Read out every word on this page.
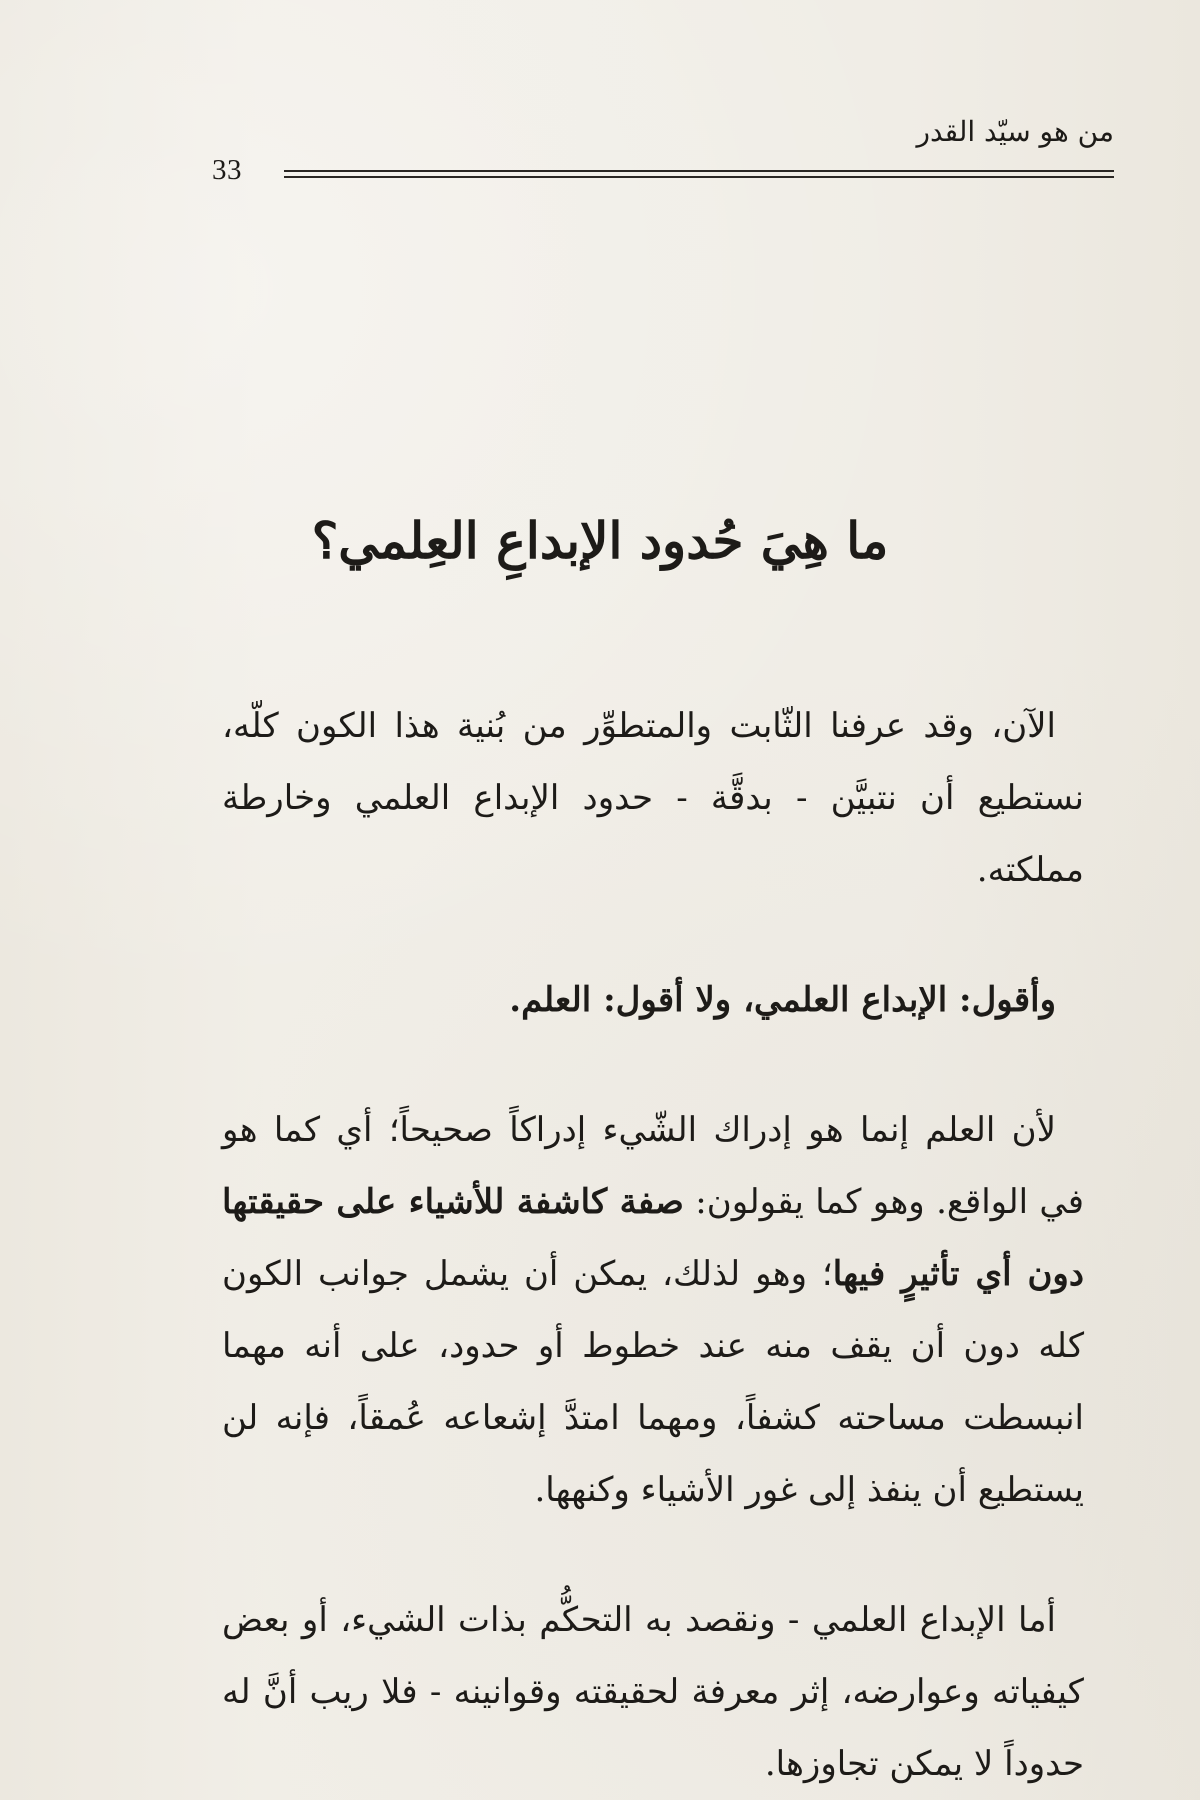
من هو سيّد القدر
33
ما هِيَ حُدود الإبداعِ العِلمي؟

الآن، وقد عرفنا الثّابت والمتطوِّر من بُنية هذا الكون كلّه، نستطيع أن نتبيَّن - بدقَّة - حدود الإبداع العلمي وخارطة مملكته.

وأقول: الإبداع العلمي، ولا أقول: العلم.

لأن العلم إنما هو إدراك الشّيء إدراكاً صحيحاً؛ أي كما هو في الواقع. وهو كما يقولون: صفة كاشفة للأشياء على حقيقتها دون أي تأثيرٍ فيها؛ وهو لذلك، يمكن أن يشمل جوانب الكون كله دون أن يقف منه عند خطوط أو حدود، على أنه مهما انبسطت مساحته كشفاً، ومهما امتدَّ إشعاعه عُمقاً، فإنه لن يستطيع أن ينفذ إلى غور الأشياء وكنهها.

أما الإبداع العلمي - ونقصد به التحكُّم بذات الشيء، أو بعض كيفياته وعوارضه، إثر معرفة لحقيقته وقوانينه - فلا ريب أنَّ له حدوداً لا يمكن تجاوزها.
